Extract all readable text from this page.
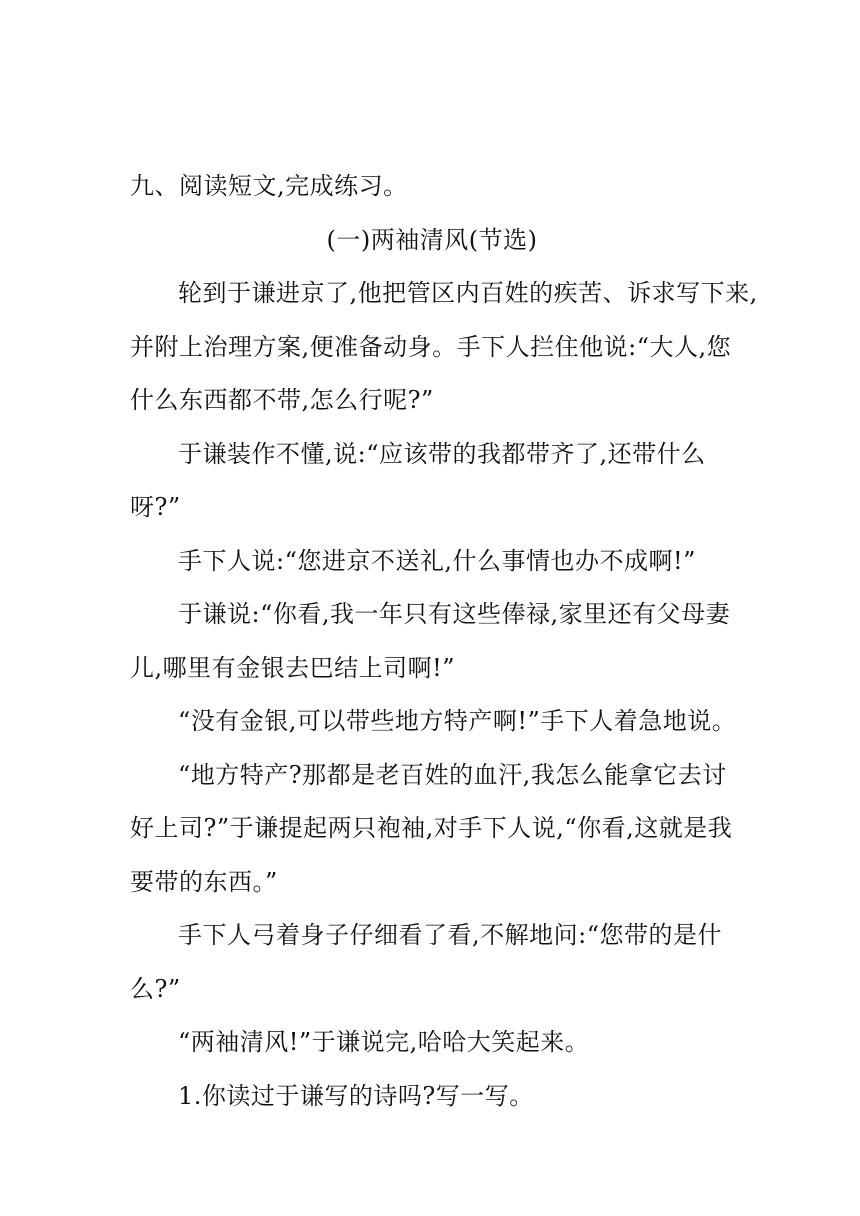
九、阅读短文,完成练习。
(一)两袖清风(节选)
轮到于谦进京了,他把管区内百姓的疾苦、诉求写下来,
并附上治理方案,便准备动身。手下人拦住他说:“大人,您
什么东西都不带,怎么行呢?”
于谦装作不懂,说:“应该带的我都带齐了,还带什么
呀?”
手下人说:“您进京不送礼,什么事情也办不成啊!”
于谦说:“你看,我一年只有这些俸禄,家里还有父母妻
儿,哪里有金银去巴结上司啊!”
“没有金银,可以带些地方特产啊!”手下人着急地说。
“地方特产?那都是老百姓的血汗,我怎么能拿它去讨
好上司?”于谦提起两只袍袖,对手下人说,“你看,这就是我
要带的东西。”
手下人弓着身子仔细看了看,不解地问:“您带的是什
么?”
“两袖清风!”于谦说完,哈哈大笑起来。
1.你读过于谦写的诗吗?写一写。
